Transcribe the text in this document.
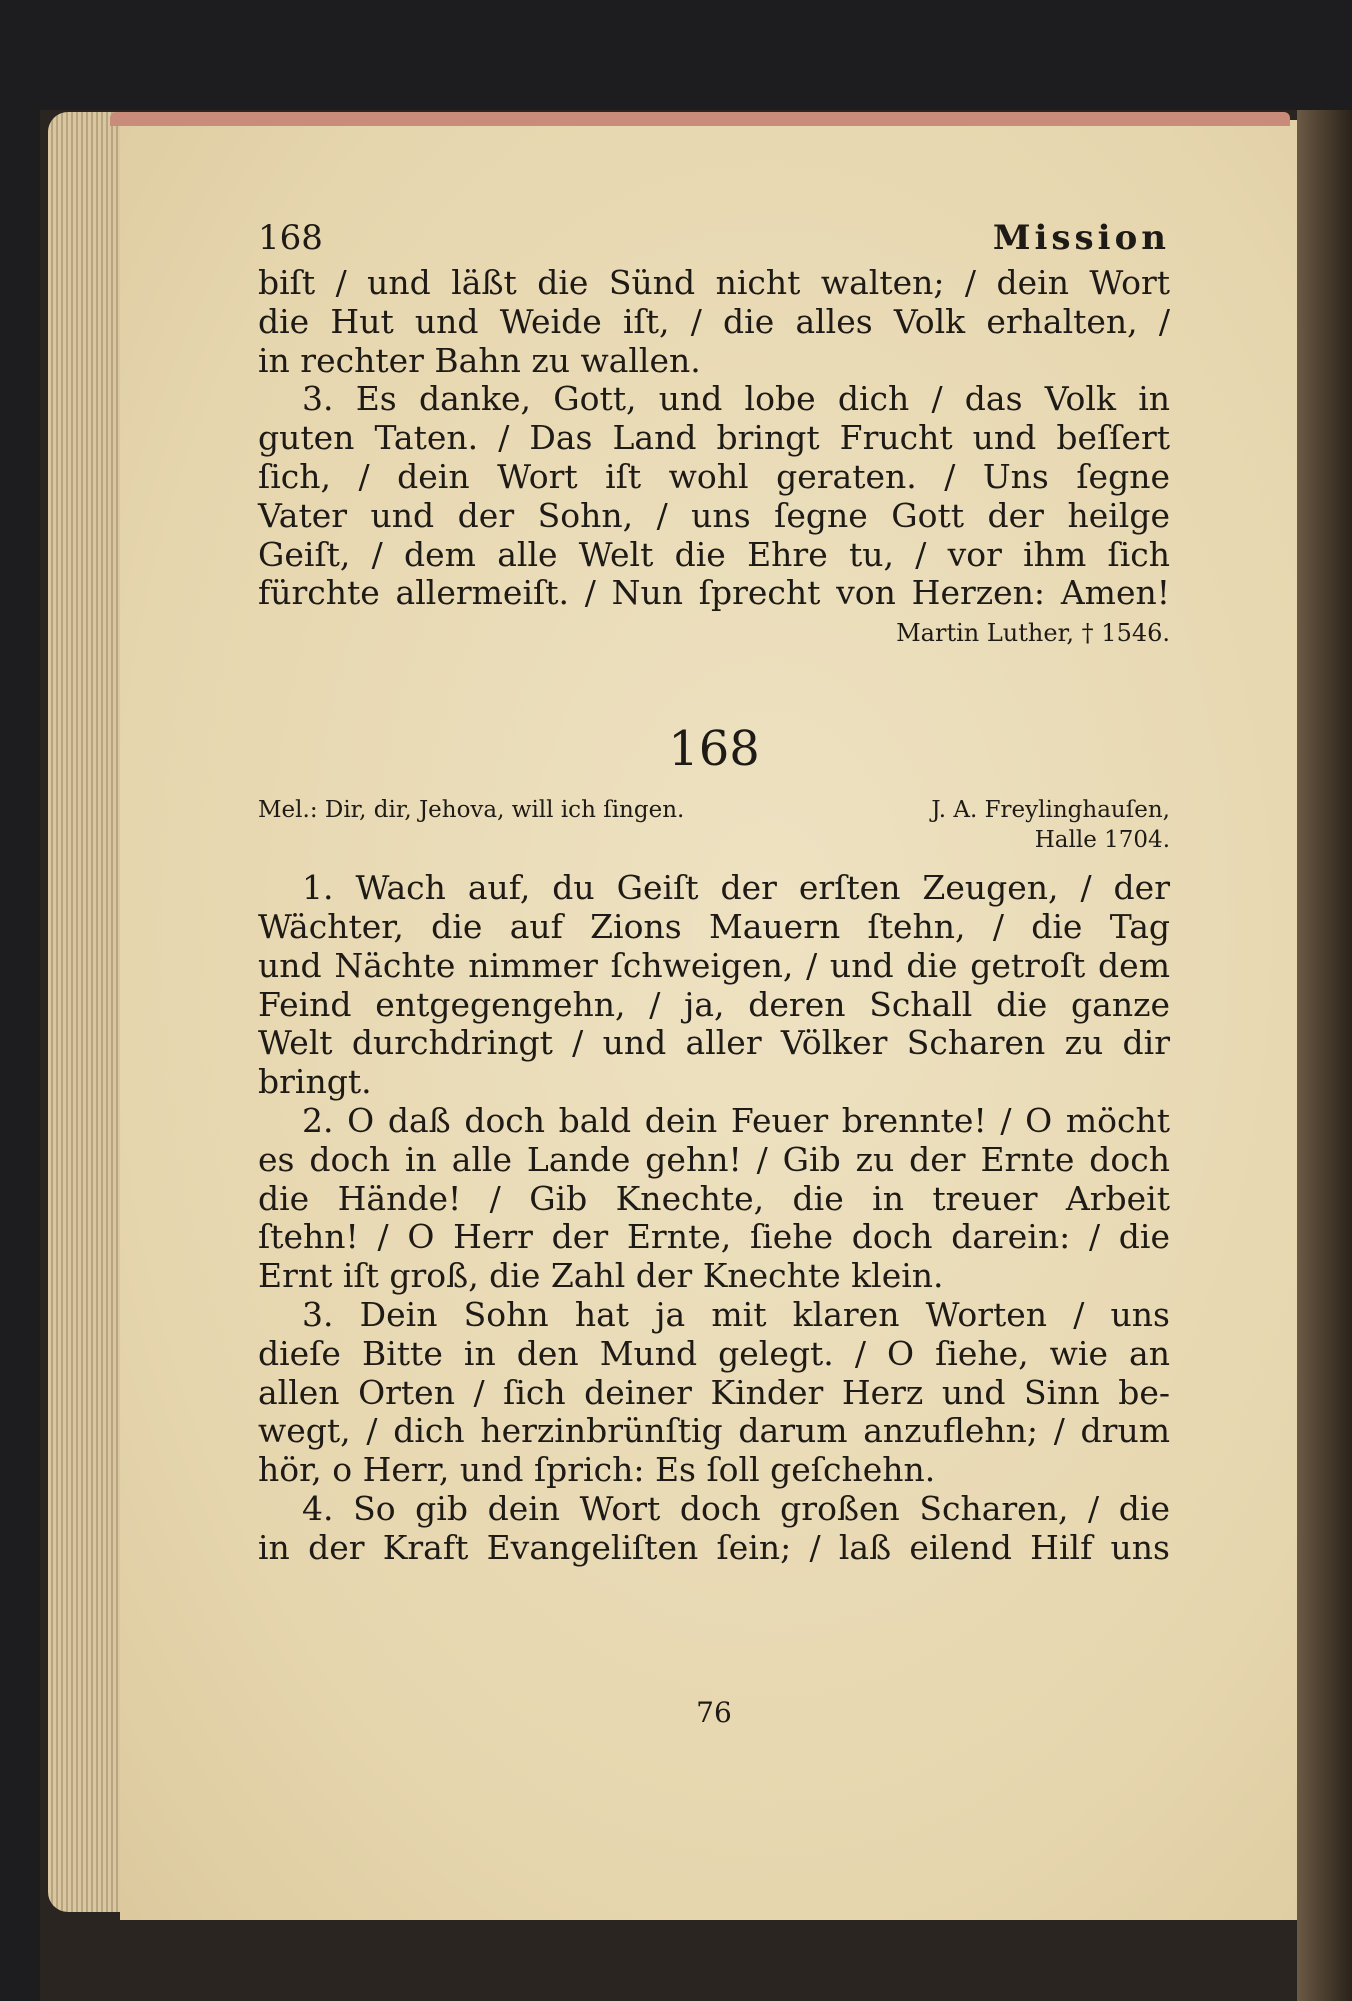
168	Mission
biſt / und läßt die Sünd nicht walten; / dein Wort
die Hut und Weide iſt, / die alles Volk erhalten, /
in rechter Bahn zu wallen.
3. Es danke, Gott, und lobe dich / das Volk in
guten Taten. / Das Land bringt Frucht und beſſert
ſich, / dein Wort iſt wohl geraten. / Uns ſegne
Vater und der Sohn, / uns ſegne Gott der heilge
Geiſt, / dem alle Welt die Ehre tu, / vor ihm ſich
fürchte allermeiſt. / Nun ſprecht von Herzen: Amen!
Martin Luther, † 1546.
168
Mel.: Dir, dir, Jehova, will ich ſingen.	J. A. Freylinghauſen,
Halle 1704.
1. Wach auf, du Geiſt der erſten Zeugen, / der
Wächter, die auf Zions Mauern ſtehn, / die Tag
und Nächte nimmer ſchweigen, / und die getroſt dem
Feind entgegengehn, / ja, deren Schall die ganze
Welt durchdringt / und aller Völker Scharen zu dir
bringt.
2. O daß doch bald dein Feuer brennte! / O möcht
es doch in alle Lande gehn! / Gib zu der Ernte doch
die Hände! / Gib Knechte, die in treuer Arbeit
ſtehn! / O Herr der Ernte, ſiehe doch darein: / die
Ernt iſt groß, die Zahl der Knechte klein.
3. Dein Sohn hat ja mit klaren Worten / uns
dieſe Bitte in den Mund gelegt. / O ſiehe, wie an
allen Orten / ſich deiner Kinder Herz und Sinn be-
wegt, / dich herzinbrünſtig darum anzuflehn; / drum
hör, o Herr, und ſprich: Es ſoll geſchehn.
4. So gib dein Wort doch großen Scharen, / die
in der Kraft Evangeliſten ſein; / laß eilend Hilf uns
76
